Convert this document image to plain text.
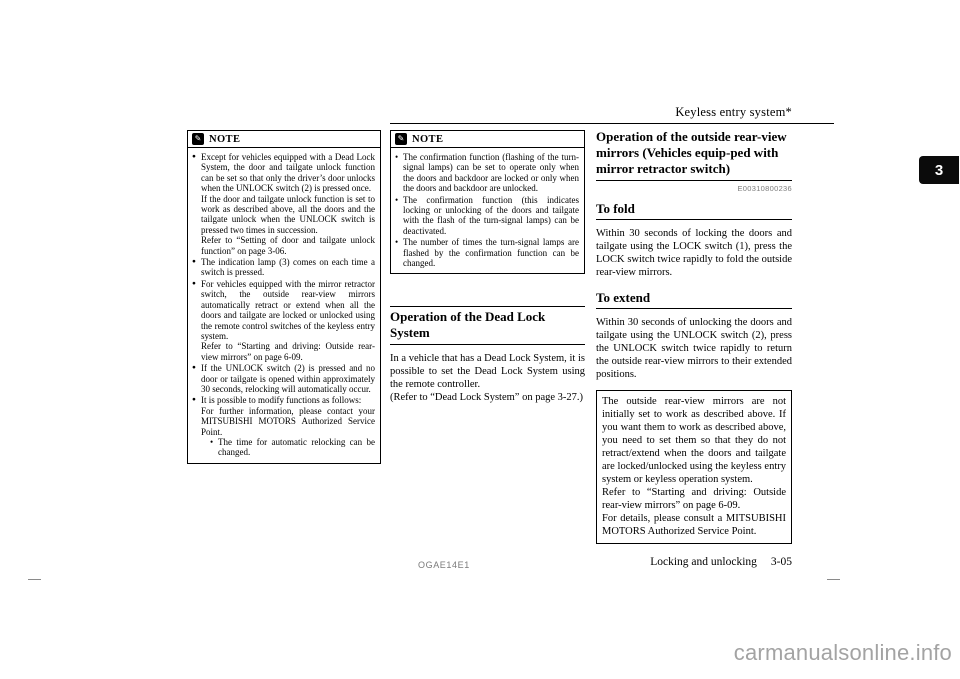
Keyless entry system*
3
✎ NOTE
● Except for vehicles equipped with a Dead Lock System, the door and tailgate unlock function can be set so that only the driver’s door unlocks when the UNLOCK switch (2) is pressed once.
If the door and tailgate unlock function is set to work as described above, all the doors and the tailgate unlock when the UNLOCK switch is pressed two times in succession.
Refer to “Setting of door and tailgate unlock function” on page 3-06.
● The indication lamp (3) comes on each time a switch is pressed.
● For vehicles equipped with the mirror retractor switch, the outside rear-view mirrors automatically retract or extend when all the doors and tailgate are locked or unlocked using the remote control switches of the keyless entry system.
Refer to “Starting and driving: Outside rear-view mirrors” on page 6-09.
● If the UNLOCK switch (2) is pressed and no door or tailgate is opened within approximately 30 seconds, relocking will automatically occur.
● It is possible to modify functions as follows:
For further information, please contact your MITSUBISHI MOTORS Authorized Service Point.
• The time for automatic relocking can be changed.
✎ NOTE
• The confirmation function (flashing of the turn-signal lamps) can be set to operate only when the doors and backdoor are locked or only when the doors and backdoor are unlocked.
• The confirmation function (this indicates locking or unlocking of the doors and tailgate with the flash of the turn-signal lamps) can be deactivated.
• The number of times the turn-signal lamps are flashed by the confirmation function can be changed.
Operation of the Dead Lock System

In a vehicle that has a Dead Lock System, it is possible to set the Dead Lock System using the remote controller.

(Refer to “Dead Lock System” on page 3-27.)

Operation of the outside rear-view mirrors (Vehicles equip-ped with mirror retractor switch)
E00310800236
To fold

Within 30 seconds of locking the doors and tailgate using the LOCK switch (1), press the LOCK switch twice rapidly to fold the outside rear-view mirrors.

To extend

Within 30 seconds of unlocking the doors and tailgate using the UNLOCK switch (2), press the UNLOCK switch twice rapidly to return the outside rear-view mirrors to their extended positions.

The outside rear-view mirrors are not initially set to work as described above. If you want them to work as described above, you need to set them so that they do not retract/extend when the doors and tailgate are locked/unlocked using the keyless entry system or keyless operation system.

Refer to “Starting and driving: Outside rear-view mirrors” on page 6-09.

For details, please consult a MITSUBISHI MOTORS Authorized Service Point.

OGAE14E1	Locking and unlocking 3-05
carmanualsonline.info
